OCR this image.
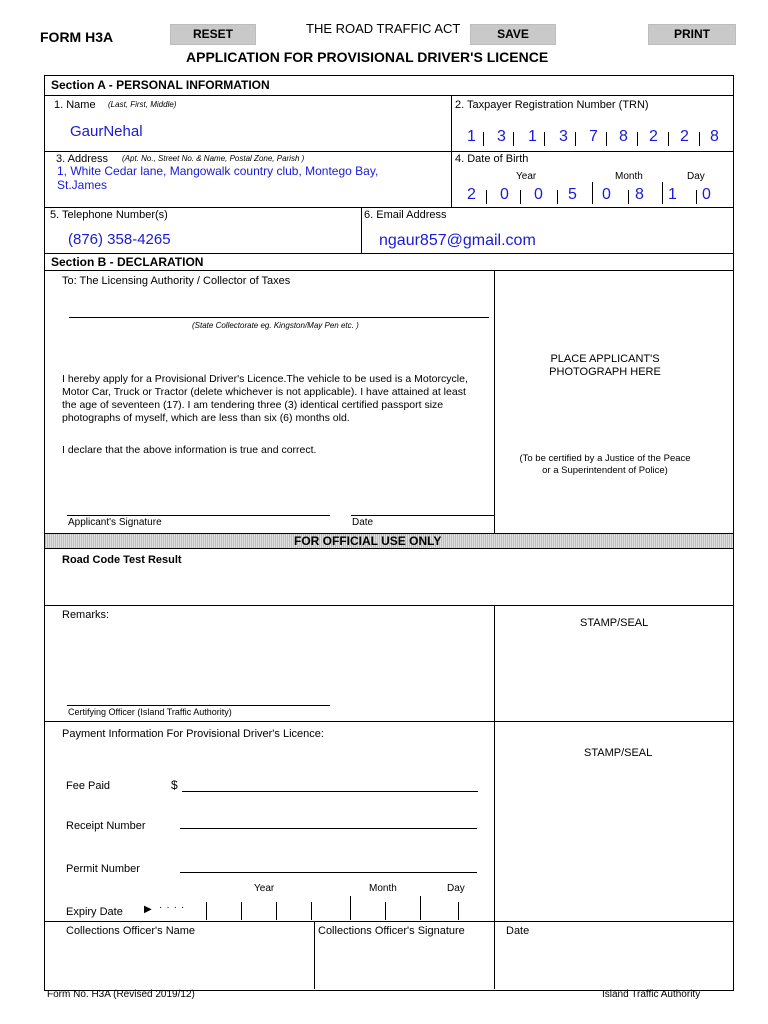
FORM H3A	RESET	THE ROAD TRAFFIC ACT	SAVE	PRINT
APPLICATION FOR PROVISIONAL DRIVER'S LICENCE
Section A - PERSONAL INFORMATION
1. Name (Last, First, Middle)
GaurNehal
2. Taxpayer Registration Number (TRN)
1 3 1 3 7 8 2 2 8
3. Address (Apt. No., Street No. & Name, Postal Zone, Parish )
1, White Cedar lane, Mangowalk country club, Montego Bay, St.James
4. Date of Birth
Year	Month	Day
2 0 0 5 0 8 1 0
5. Telephone Number(s)
(876) 358-4265
6. Email Address
ngaur857@gmail.com
Section B - DECLARATION
To: The Licensing Authority / Collector of Taxes
(State Collectorate eg. Kingston/May Pen etc. )
I hereby apply for a Provisional Driver's Licence.The vehicle to be used is a Motorcycle, Motor Car, Truck or Tractor (delete whichever is not applicable). I have attained at least the age of seventeen (17). I am tendering three (3) identical certified passport size photographs of myself, which are less than six (6) months old.
I declare that the above information is true and correct.
Applicant's Signature	Date
PLACE APPLICANT'S PHOTOGRAPH HERE
(To be certified by a Justice of the Peace or a Superintendent of Police)
FOR OFFICIAL USE ONLY
Road Code Test Result
Remarks:
STAMP/SEAL
Certifying Officer (Island Traffic Authority)
Payment Information For Provisional Driver's Licence:
STAMP/SEAL
Fee Paid	$
Receipt Number
Permit Number
Year	Month	Day
Expiry Date ▶ ····
Collections Officer's Name	Collections Officer's Signature	Date
Form No. H3A (Revised 2019/12)	Island Traffic Authority
